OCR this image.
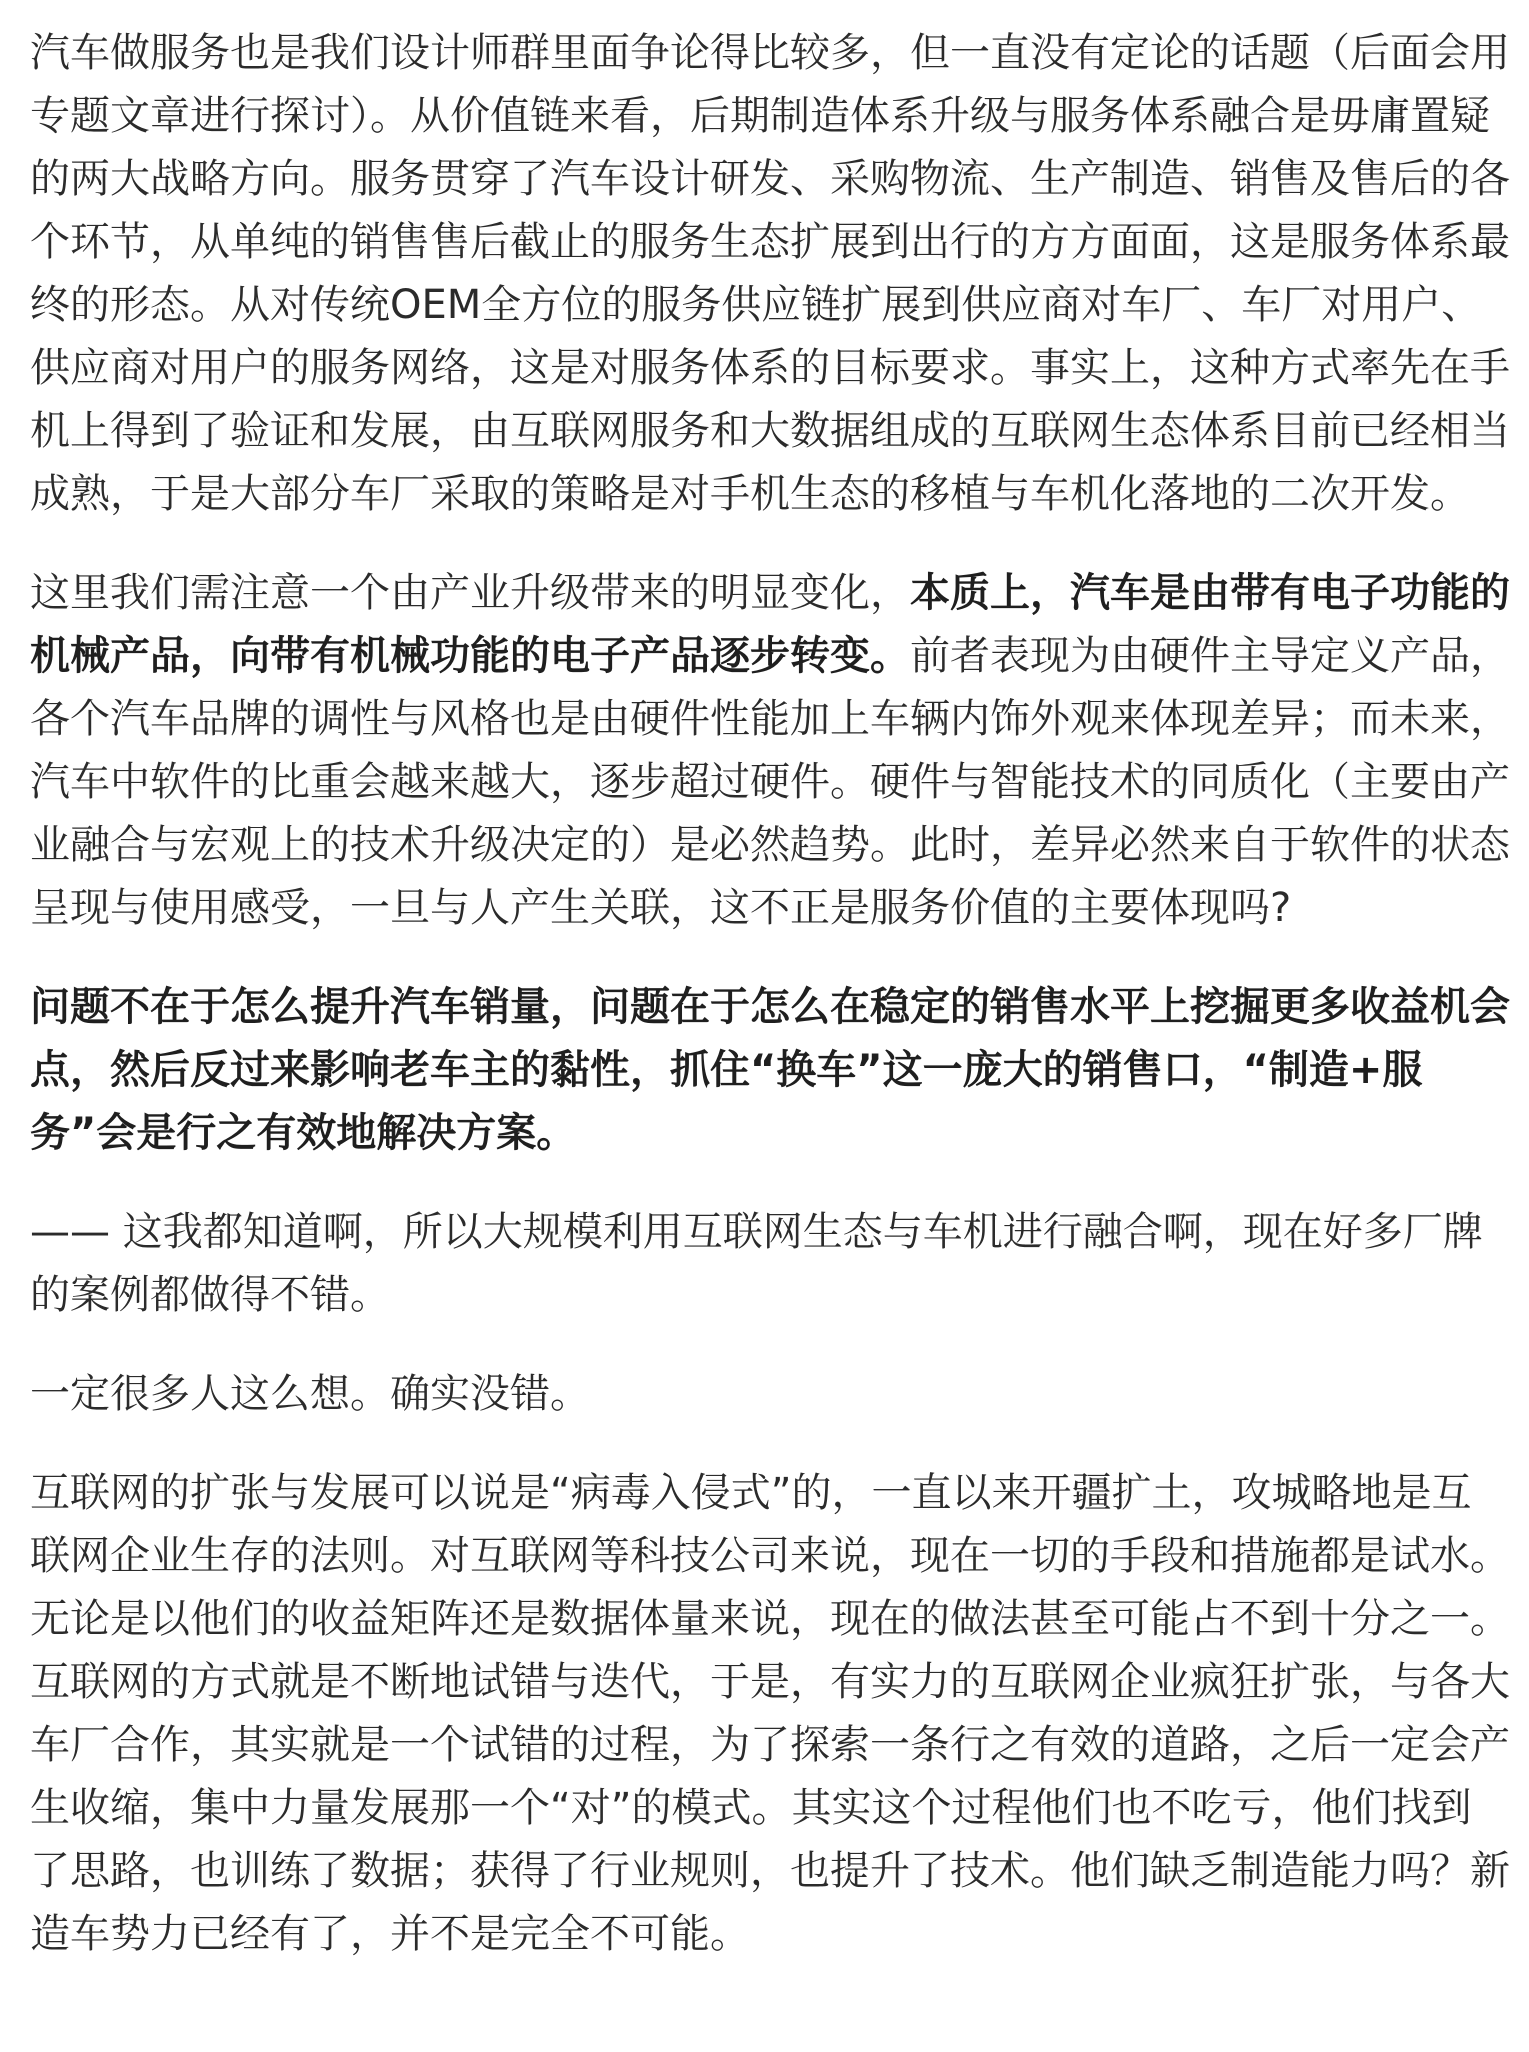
汽车做服务也是我们设计师群里面争论得比较多，但一直没有定论的话题（后面会用专题文章进行探讨）。从价值链来看，后期制造体系升级与服务体系融合是毋庸置疑的两大战略方向。服务贯穿了汽车设计研发、采购物流、生产制造、销售及售后的各个环节，从单纯的销售售后截止的服务生态扩展到出行的方方面面，这是服务体系最终的形态。从对传统OEM全方位的服务供应链扩展到供应商对车厂、车厂对用户、供应商对用户的服务网络，这是对服务体系的目标要求。事实上，这种方式率先在手机上得到了验证和发展，由互联网服务和大数据组成的互联网生态体系目前已经相当成熟，于是大部分车厂采取的策略是对手机生态的移植与车机化落地的二次开发。

这里我们需注意一个由产业升级带来的明显变化，本质上，汽车是由带有电子功能的机械产品，向带有机械功能的电子产品逐步转变。前者表现为由硬件主导定义产品，各个汽车品牌的调性与风格也是由硬件性能加上车辆内饰外观来体现差异；而未来，汽车中软件的比重会越来越大，逐步超过硬件。硬件与智能技术的同质化（主要由产业融合与宏观上的技术升级决定的）是必然趋势。此时，差异必然来自于软件的状态呈现与使用感受，一旦与人产生关联，这不正是服务价值的主要体现吗?

问题不在于怎么提升汽车销量，问题在于怎么在稳定的销售水平上挖掘更多收益机会点，然后反过来影响老车主的黏性，抓住“换车”这一庞大的销售口，“制造+服务”会是行之有效地解决方案。

—— 这我都知道啊，所以大规模利用互联网生态与车机进行融合啊，现在好多厂牌的案例都做得不错。

一定很多人这么想。确实没错。

互联网的扩张与发展可以说是“病毒入侵式”的，一直以来开疆扩土，攻城略地是互联网企业生存的法则。对互联网等科技公司来说，现在一切的手段和措施都是试水。无论是以他们的收益矩阵还是数据体量来说，现在的做法甚至可能占不到十分之一。互联网的方式就是不断地试错与迭代，于是，有实力的互联网企业疯狂扩张，与各大车厂合作，其实就是一个试错的过程，为了探索一条行之有效的道路，之后一定会产生收缩，集中力量发展那一个“对”的模式。其实这个过程他们也不吃亏，他们找到了思路，也训练了数据；获得了行业规则，也提升了技术。他们缺乏制造能力吗？新造车势力已经有了，并不是完全不可能。
